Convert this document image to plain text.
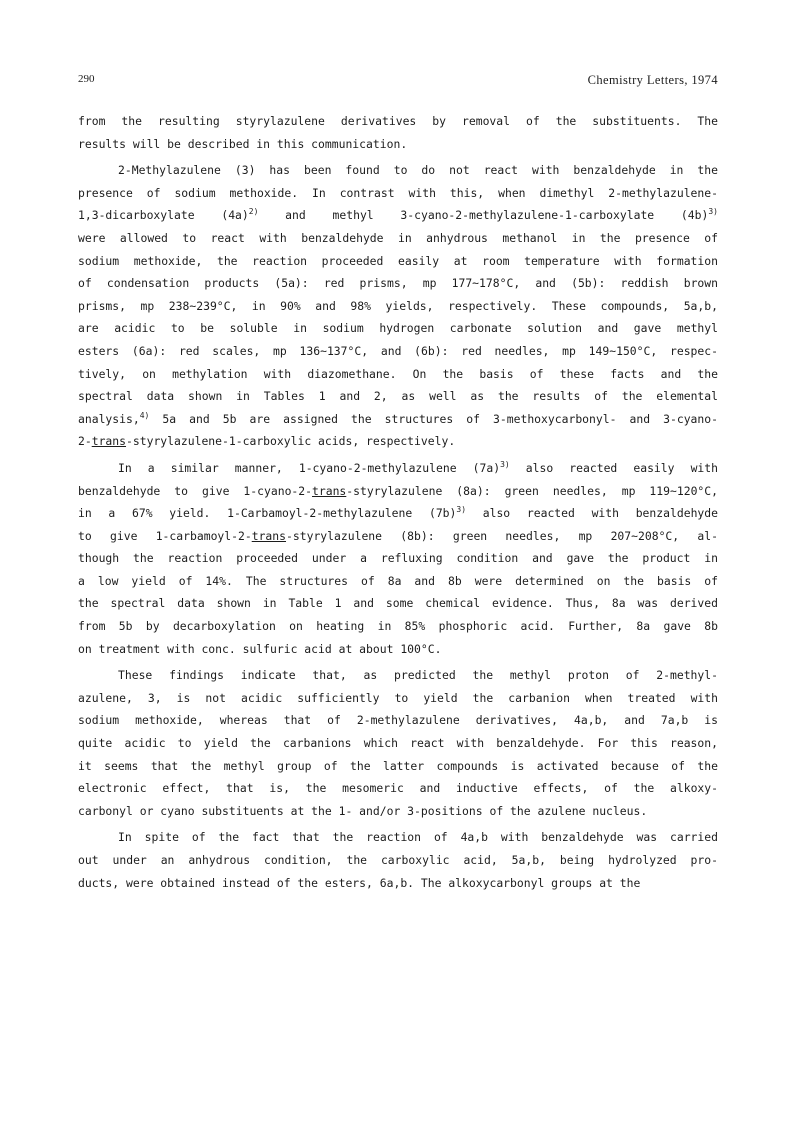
290	Chemistry Letters, 1974
from the resulting styrylazulene derivatives by removal of the substituents. The
results will be described in this communication.
2-Methylazulene (3) has been found to do not react with benzaldehyde in the
presence of sodium methoxide. In contrast with this, when dimethyl 2-methylazulene-
1,3-dicarboxylate $(4a)^{2)}$ and methyl 3-cyano-2-methylazulene-1-carboxylate $(4b)^{3)}$
were allowed to react with benzaldehyde in anhydrous methanol in the presence of
sodium methoxide, the reaction proceeded easily at room temperature with formation
of condensation products (5a): red prisms, mp 177~178°C, and (5b): reddish brown
prisms, mp 238~239°C, in 90% and 98% yields, respectively. These compounds, 5a,b,
are acidic to be soluble in sodium hydrogen carbonate solution and gave methyl
esters (6a): red scales, mp 136~137°C, and (6b): red needles, mp 149~150°C, respec-
tively, on methylation with diazomethane. On the basis of these facts and the
spectral data shown in Tables 1 and 2, as well as the results of the elemental
analysis,$^{4)}$ 5a and 5b are assigned the structures of 3-methoxycarbonyl- and 3-cyano-
2-trans-styrylazulene-1-carboxylic acids, respectively.
In a similar manner, 1-cyano-2-methylazulene $(7a)^{3)}$ also reacted easily with
benzaldehyde to give 1-cyano-2-trans-styrylazulene (8a): green needles, mp 119~120°C,
in a 67% yield. 1-Carbamoyl-2-methylazulene $(7b)^{3)}$ also reacted with benzaldehyde
to give 1-carbamoyl-2-trans-styrylazulene (8b): green needles, mp 207~208°C, al-
though the reaction proceeded under a refluxing condition and gave the product in
a low yield of 14%. The structures of 8a and 8b were determined on the basis of
the spectral data shown in Table 1 and some chemical evidence. Thus, 8a was derived
from 5b by decarboxylation on heating in 85% phosphoric acid. Further, 8a gave 8b
on treatment with conc. sulfuric acid at about 100°C.
These findings indicate that, as predicted the methyl proton of 2-methyl-
azulene, 3, is not acidic sufficiently to yield the carbanion when treated with
sodium methoxide, whereas that of 2-methylazulene derivatives, 4a,b, and 7a,b is
quite acidic to yield the carbanions which react with benzaldehyde. For this reason,
it seems that the methyl group of the latter compounds is activated because of the
electronic effect, that is, the mesomeric and inductive effects, of the alkoxy-
carbonyl or cyano substituents at the 1- and/or 3-positions of the azulene nucleus.
In spite of the fact that the reaction of 4a,b with benzaldehyde was carried
out under an anhydrous condition, the carboxylic acid, 5a,b, being hydrolyzed pro-
ducts, were obtained instead of the esters, 6a,b. The alkoxycarbonyl groups at the
